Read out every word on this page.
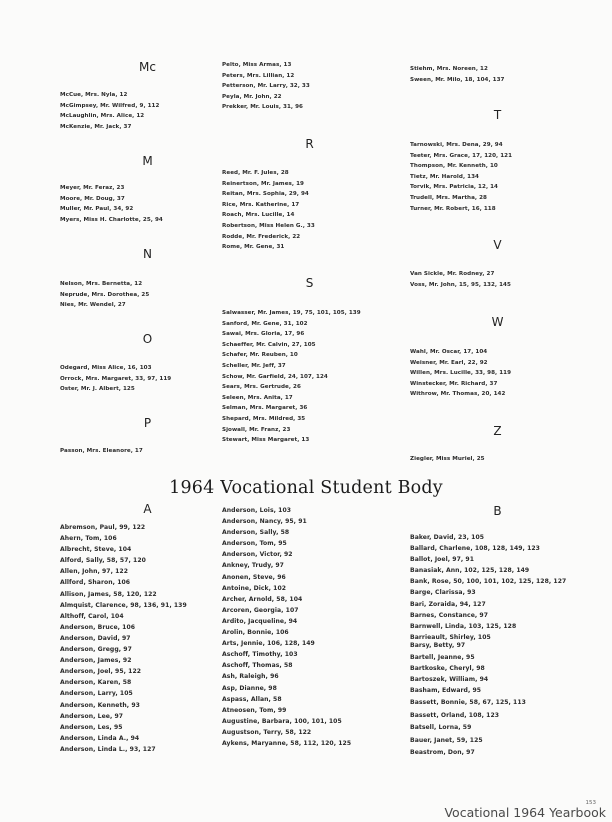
Mc
McCue, Mrs. Nyla, 12
McGimpsey, Mr. Wilfred, 9, 112
McLaughlin, Mrs. Alice, 12
McKenzie, Mr. Jack, 37
M
Meyer, Mr. Feraz, 23
Moore, Mr. Doug, 37
Muller, Mr. Paul, 34, 92
Myers, Miss H. Charlotte, 25, 94
N
Nelson, Mrs. Bernetta, 12
Neprude, Mrs. Dorothea, 25
Nies, Mr. Wendel, 27
O
Odegard, Miss Alice, 16, 103
Orrock, Mrs. Margaret, 33, 97, 119
Oster, Mr. J. Albert, 125
P
Passon, Mrs. Eleanore, 17
Pelto, Miss Armas, 13
Peters, Mrs. Lillian, 12
Petterson, Mr. Larry, 32, 33
Peyla, Mr. John, 22
Prekker, Mr. Louis, 31, 96
R
Reed, Mr. F. Jules, 28
Reinertson, Mr. James, 19
Reitan, Mrs. Sophia, 29, 94
Rice, Mrs. Katherine, 17
Roach, Mrs. Lucille, 14
Robertson, Miss Helen G., 33
Rodde, Mr. Frederick, 22
Rome, Mr. Gene, 31
S
Salwasser, Mr. James, 19, 75, 101, 105, 139
Sanford, Mr. Gene, 31, 102
Sawai, Mrs. Gloria, 17, 96
Schaeffer, Mr. Calvin, 27, 105
Schafer, Mr. Reuben, 10
Scheller, Mr. Jeff, 37
Schow, Mr. Garfield, 24, 107, 124
Sears, Mrs. Gertrude, 26
Seleen, Mrs. Anita, 17
Selman, Mrs. Margaret, 36
Shepard, Mrs. Mildred, 35
Sjowall, Mr. Franz, 23
Stewart, Miss Margaret, 13
Stiehm, Mrs. Noreen, 12
Sween, Mr. Milo, 18, 104, 137
T
Tarnowski, Mrs. Dena, 29, 94
Teeter, Mrs. Grace, 17, 120, 121
Thompson, Mr. Kenneth, 10
Tietz, Mr. Harold, 134
Torvik, Mrs. Patricia, 12, 14
Trudell, Mrs. Martha, 28
Turner, Mr. Robert, 16, 118
V
Van Sickle, Mr. Rodney, 27
Voss, Mr. John, 15, 95, 132, 145
W
Wahl, Mr. Oscar, 17, 104
Weisner, Mr. Earl, 22, 92
Willen, Mrs. Lucille, 33, 98, 119
Winstecker, Mr. Richard, 37
Withrow, Mr. Thomas, 20, 142
Z
Ziegler, Miss Muriel, 25
1964 Vocational Student Body
A
Abremson, Paul, 99, 122
Ahern, Tom, 106
Albrecht, Steve, 104
Alford, Sally, 58, 57, 120
Allen, John, 97, 122
Allford, Sharon, 106
Allison, James, 58, 120, 122
Almquist, Clarence, 98, 136, 91, 139
Althoff, Carol, 104
Anderson, Bruce, 106
Anderson, David, 97
Anderson, Gregg, 97
Anderson, James, 92
Anderson, Joel, 95, 122
Anderson, Karen, 58
Anderson, Larry, 105
Anderson, Kenneth, 93
Anderson, Lee, 97
Anderson, Les, 95
Anderson, Linda A., 94
Anderson, Linda L., 93, 127
Anderson, Lois, 103
Anderson, Nancy, 95, 91
Anderson, Sally, 58
Anderson, Tom, 95
Anderson, Victor, 92
Ankney, Trudy, 97
Anonen, Steve, 96
Antoine, Dick, 102
Archer, Arnold, 58, 104
Arcoren, Georgia, 107
Ardito, Jacqueline, 94
Arolin, Bonnie, 106
Arts, Jennie, 106, 128, 149
Aschoff, Timothy, 103
Aschoff, Thomas, 58
Ash, Raleigh, 96
Asp, Dianne, 98
Aspass, Allan, 58
Atneosen, Tom, 99
Augustine, Barbara, 100, 101, 105
Augustson, Terry, 58, 122
Aykens, Maryanne, 58, 112, 120, 125
B
Baker, David, 23, 105
Ballard, Charlene, 108, 128, 149, 123
Ballot, Joel, 97, 91
Banasiak, Ann, 102, 125, 128, 149
Bank, Rose, 50, 100, 101, 102, 125, 128, 127
Barge, Clarissa, 93
Bari, Zoraida, 94, 127
Barnes, Constance, 97
Barnwell, Linda, 103, 125, 128
Barrieault, Shirley, 105
Barsy, Betty, 97
Bartell, Jeanne, 95
Bartkoske, Cheryl, 98
Bartoszek, William, 94
Basham, Edward, 95
Bassett, Bonnie, 58, 67, 125, 113
Bassett, Orland, 108, 123
Batsell, Lorna, 59
Bauer, Janet, 59, 125
Beastrom, Don, 97
153
Vocational 1964 Yearbook
